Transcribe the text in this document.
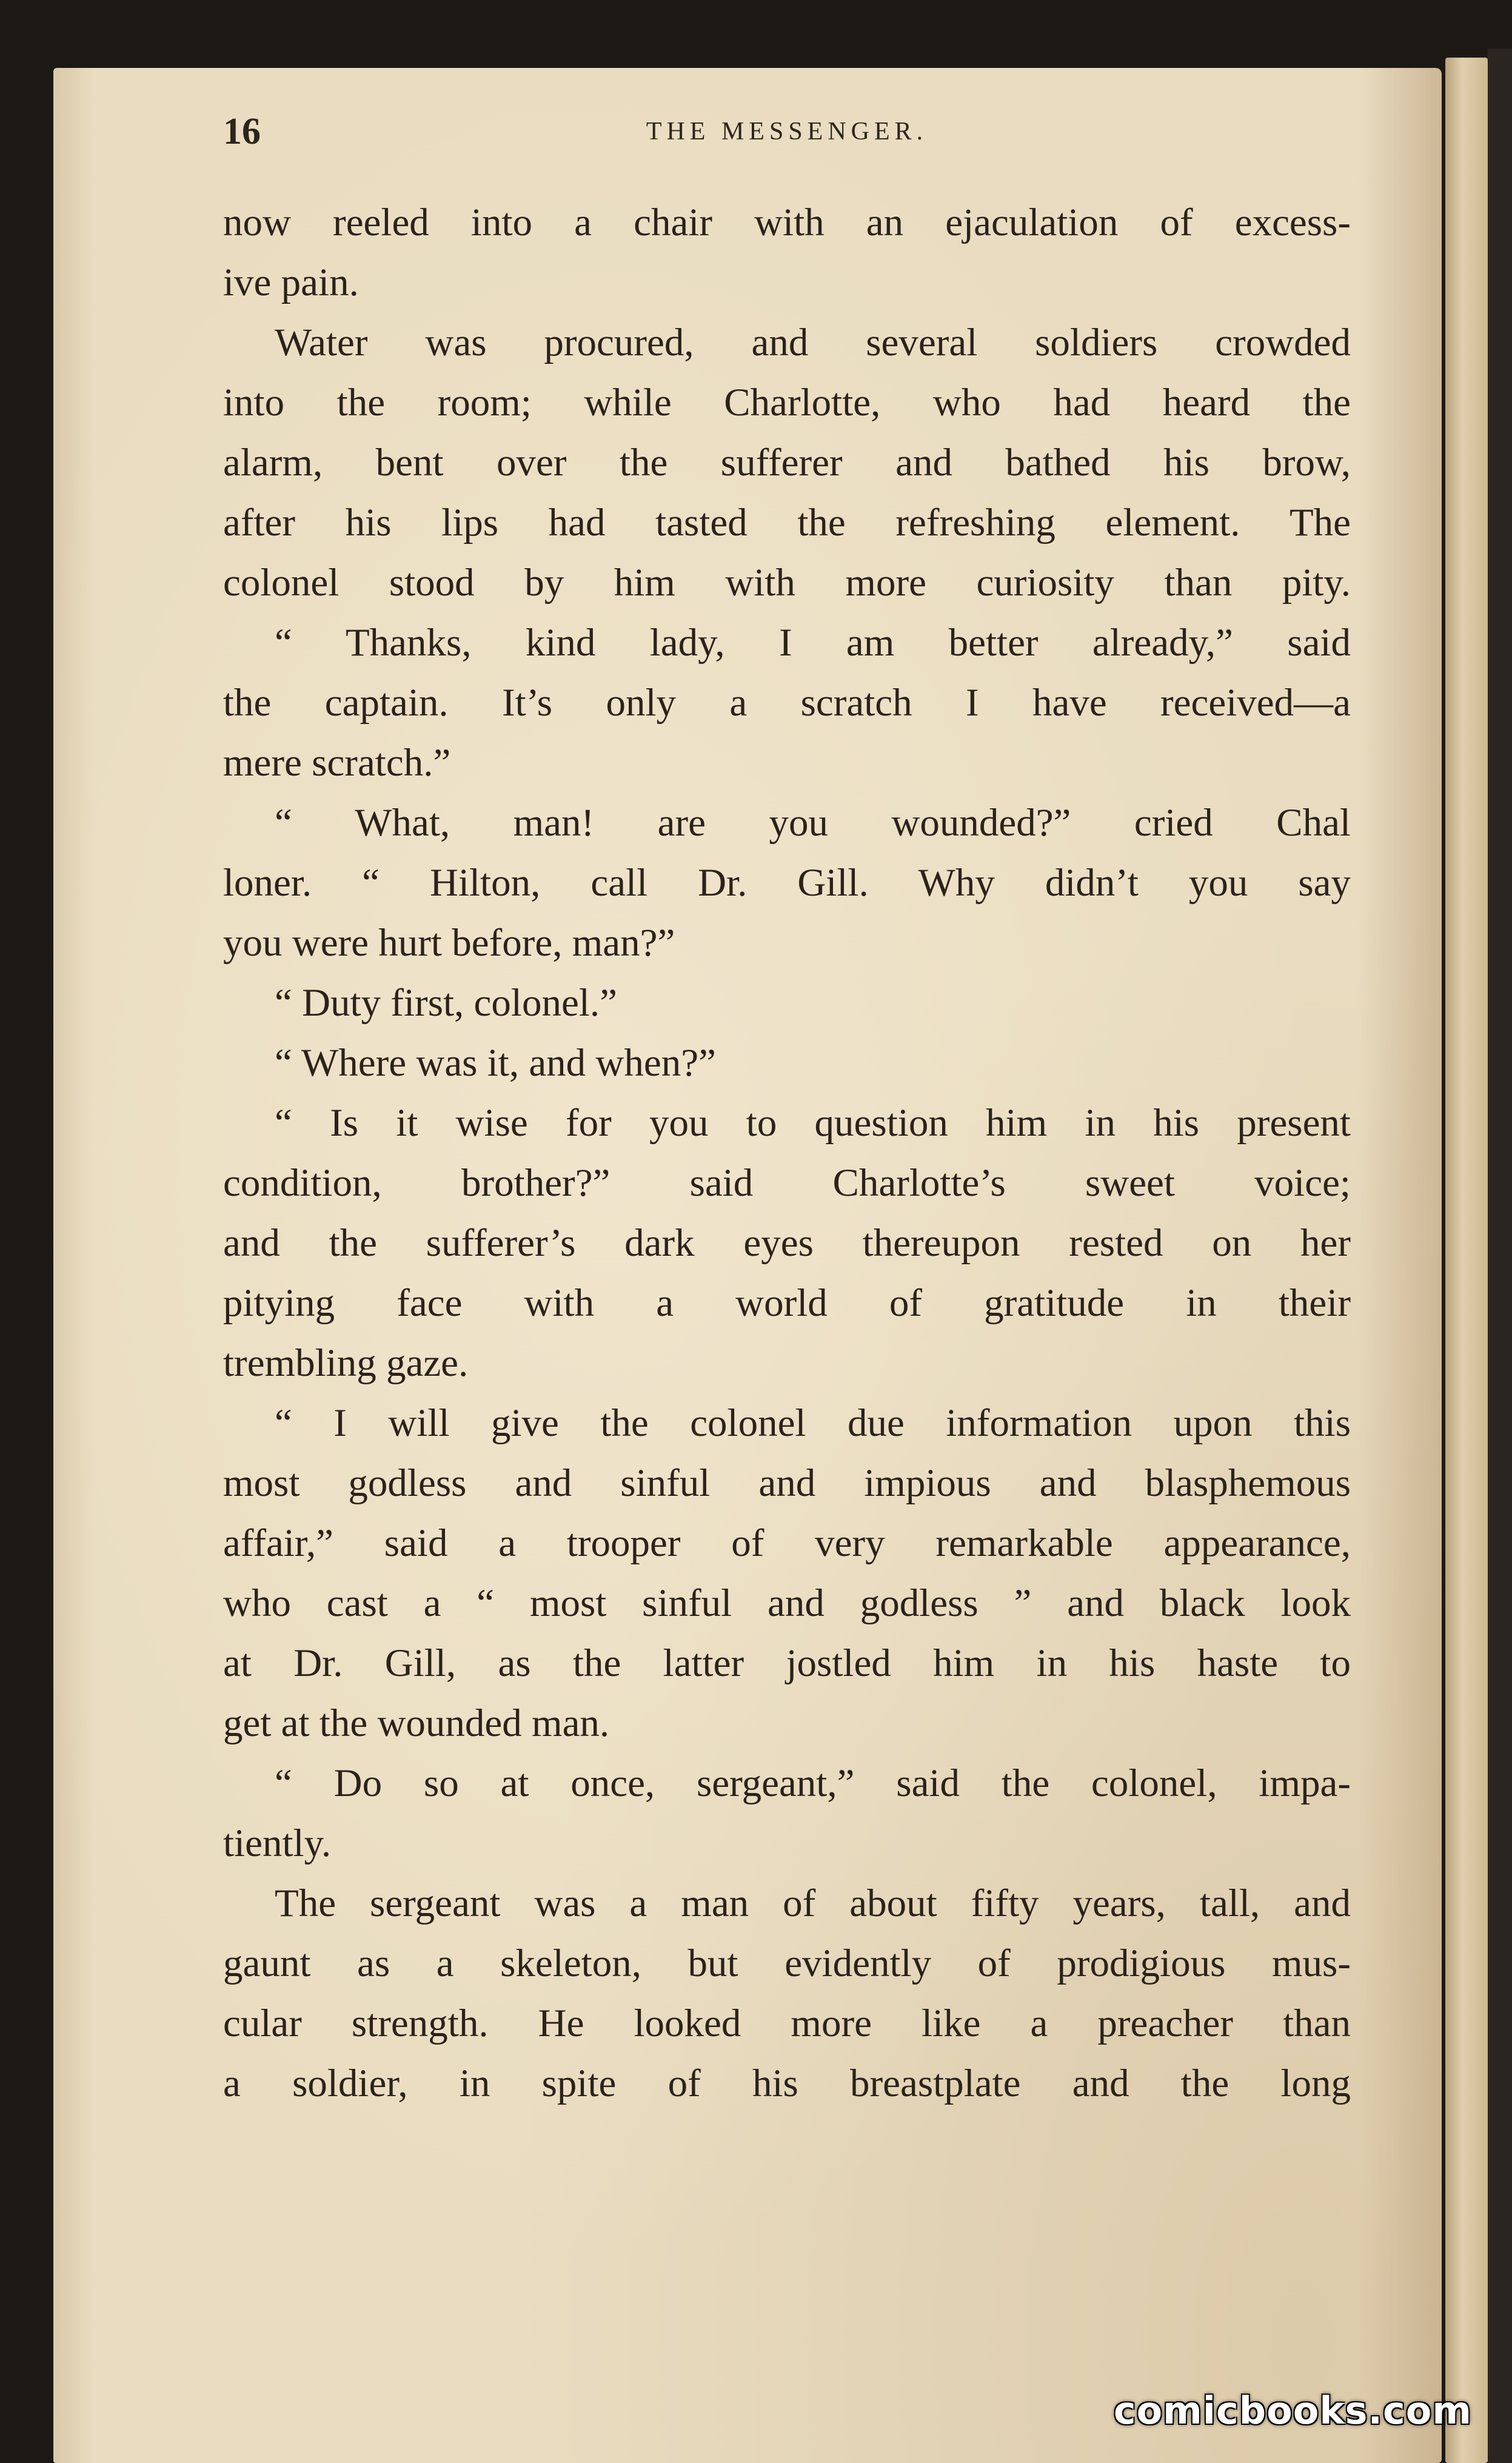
16	THE MESSENGER.
now reeled into a chair with an ejaculation of excess-
ive pain.
Water was procured, and several soldiers crowded
into the room; while Charlotte, who had heard the
alarm, bent over the sufferer and bathed his brow,
after his lips had tasted the refreshing element. The
colonel stood by him with more curiosity than pity.
“ Thanks, kind lady, I am better already,” said
the captain. It’s only a scratch I have received—a
mere scratch.”
“ What, man! are you wounded?” cried Chal
loner. “ Hilton, call Dr. Gill. Why didn’t you say
you were hurt before, man?”
“ Duty first, colonel.”
“ Where was it, and when?”
“ Is it wise for you to question him in his present
condition, brother?” said Charlotte’s sweet voice;
and the sufferer’s dark eyes thereupon rested on her
pitying face with a world of gratitude in their
trembling gaze.
“ I will give the colonel due information upon this
most godless and sinful and impious and blasphemous
affair,” said a trooper of very remarkable appearance,
who cast a “ most sinful and godless ” and black look
at Dr. Gill, as the latter jostled him in his haste to
get at the wounded man.
“ Do so at once, sergeant,” said the colonel, impa-
tiently.
The sergeant was a man of about fifty years, tall, and
gaunt as a skeleton, but evidently of prodigious mus-
cular strength. He looked more like a preacher than
a soldier, in spite of his breastplate and the long
comicbooks.com
